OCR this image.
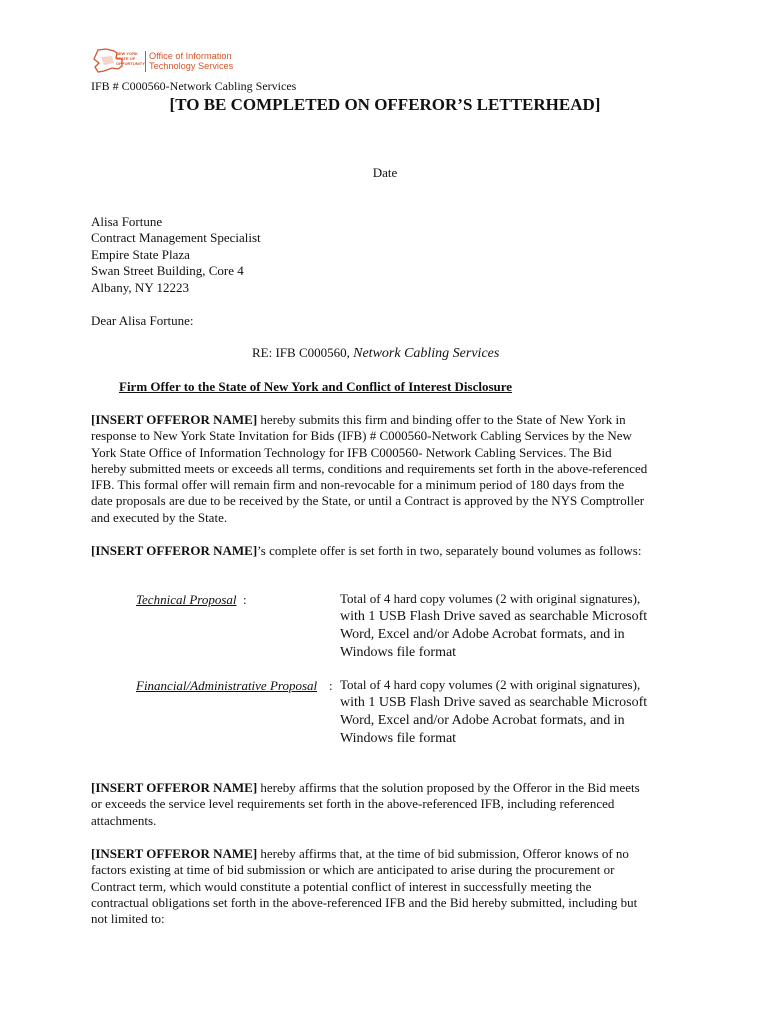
NEW YORK STATE OF OPPORTUNITY
Office of Information
Technology Services
IFB # C000560-Network Cabling Services
[TO BE COMPLETED ON OFFEROR’S LETTERHEAD]
Date
Alisa Fortune
Contract Management Specialist
Empire State Plaza
Swan Street Building, Core 4
Albany, NY 12223
Dear Alisa Fortune:
RE: IFB C000560, Network Cabling Services
Firm Offer to the State of New York and Conflict of Interest Disclosure
[INSERT OFFEROR NAME] hereby submits this firm and binding offer to the State of New York in
response to New York State Invitation for Bids (IFB) # C000560-Network Cabling Services by the New
York State Office of Information Technology for IFB C000560- Network Cabling Services. The Bid
hereby submitted meets or exceeds all terms, conditions and requirements set forth in the above-referenced
IFB. This formal offer will remain firm and non-revocable for a minimum period of 180 days from the
date proposals are due to be received by the State, or until a Contract is approved by the NYS Comptroller
and executed by the State.
[INSERT OFFEROR NAME]’s complete offer is set forth in two, separately bound volumes as follows:
Technical Proposal :	Total of 4 hard copy volumes (2 with original signatures),
with 1 USB Flash Drive saved as searchable Microsoft
Word, Excel and/or Adobe Acrobat formats, and in
Windows file format
Financial/Administrative Proposal : Total of 4 hard copy volumes (2 with original signatures),
with 1 USB Flash Drive saved as searchable Microsoft
Word, Excel and/or Adobe Acrobat formats, and in
Windows file format
[INSERT OFFEROR NAME] hereby affirms that the solution proposed by the Offeror in the Bid meets
or exceeds the service level requirements set forth in the above-referenced IFB, including referenced
attachments.
[INSERT OFFEROR NAME] hereby affirms that, at the time of bid submission, Offeror knows of no
factors existing at time of bid submission or which are anticipated to arise during the procurement or
Contract term, which would constitute a potential conflict of interest in successfully meeting the
contractual obligations set forth in the above-referenced IFB and the Bid hereby submitted, including but
not limited to:
